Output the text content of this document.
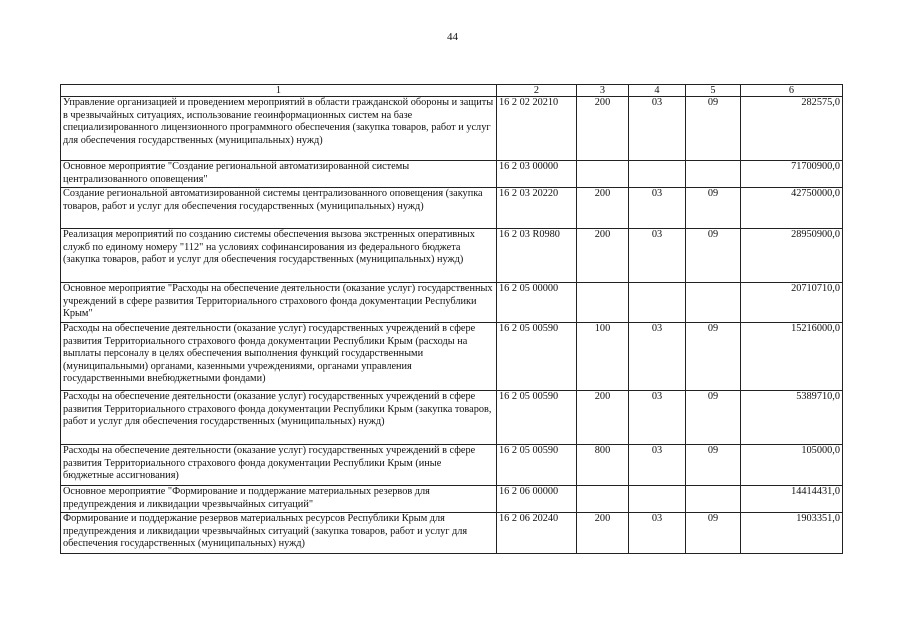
44
1	2	3	4	5	6
Управление организацией и проведением мероприятий в области гражданской обороны и защиты в чрезвычайных ситуациях, использование геоинформационных систем на базе специализированного лицензионного программного обеспечения (закупка товаров, работ и услуг для обеспечения государственных (муниципальных) нужд)	16 2 02 20210	200	03	09	282575,0
Основное мероприятие "Создание региональной автоматизированной системы централизованного оповещения"	16 2 03 00000				71700900,0
Создание региональной автоматизированной системы централизованного оповещения (закупка товаров, работ и услуг для обеспечения государственных (муниципальных) нужд)	16 2 03 20220	200	03	09	42750000,0
Реализация мероприятий по созданию системы обеспечения вызова экстренных оперативных служб по единому номеру "112" на условиях софинансирования из федерального бюджета (закупка товаров, работ и услуг для обеспечения государственных (муниципальных) нужд)	16 2 03 R0980	200	03	09	28950900,0
Основное мероприятие "Расходы на обеспечение деятельности (оказание услуг) государственных учреждений в сфере развития Территориального страхового фонда документации Республики Крым"	16 2 05 00000				20710710,0
Расходы на обеспечение деятельности (оказание услуг) государственных учреждений в сфере развития Территориального страхового фонда документации Республики Крым (расходы на выплаты персоналу в целях обеспечения выполнения функций государственными (муниципальными) органами, казенными учреждениями, органами управления государственными внебюджетными фондами)	16 2 05 00590	100	03	09	15216000,0
Расходы на обеспечение деятельности (оказание услуг) государственных учреждений в сфере развития Территориального страхового фонда документации Республики Крым (закупка товаров, работ и услуг для обеспечения государственных (муниципальных) нужд)	16 2 05 00590	200	03	09	5389710,0
Расходы на обеспечение деятельности (оказание услуг) государственных учреждений в сфере развития Территориального страхового фонда документации Республики Крым (иные бюджетные ассигнования)	16 2 05 00590	800	03	09	105000,0
Основное мероприятие "Формирование и поддержание материальных резервов для предупреждения и ликвидации чрезвычайных ситуаций"	16 2 06 00000				14414431,0
Формирование и поддержание резервов материальных ресурсов Республики Крым для предупреждения и ликвидации чрезвычайных ситуаций (закупка товаров, работ и услуг для обеспечения государственных (муниципальных) нужд)	16 2 06 20240	200	03	09	1903351,0
